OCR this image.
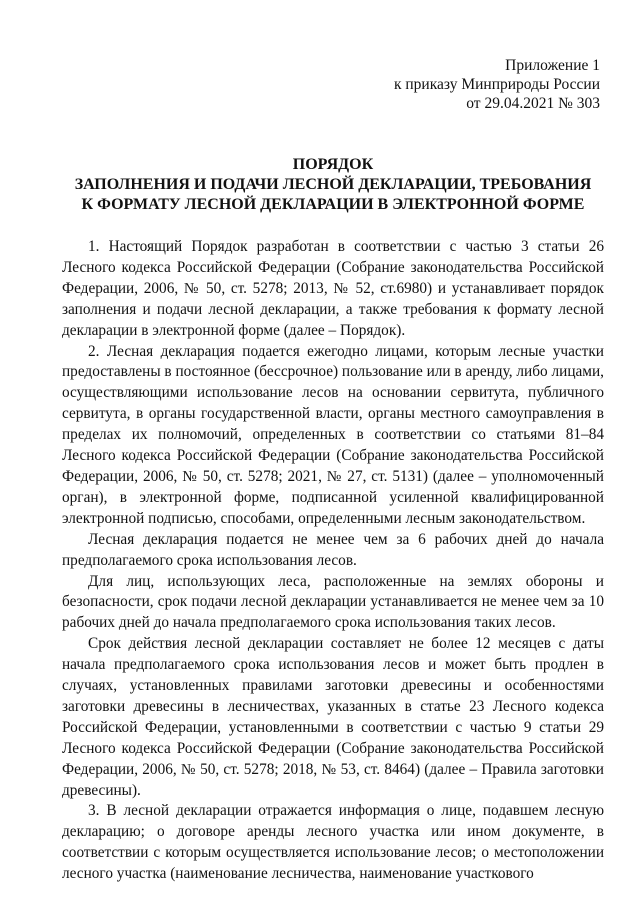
Приложение 1
к приказу Минприроды России
от 29.04.2021 № 303
ПОРЯДОК
ЗАПОЛНЕНИЯ И ПОДАЧИ ЛЕСНОЙ ДЕКЛАРАЦИИ, ТРЕБОВАНИЯ
К ФОРМАТУ ЛЕСНОЙ ДЕКЛАРАЦИИ В ЭЛЕКТРОННОЙ ФОРМЕ

1. Настоящий Порядок разработан в соответствии с частью 3 статьи 26 Лесного кодекса Российской Федерации (Собрание законодательства Российской Федерации, 2006, № 50, ст. 5278; 2013, № 52, ст.6980) и устанавливает порядок заполнения и подачи лесной декларации, а также требования к формату лесной декларации в электронной форме (далее – Порядок).

2. Лесная декларация подается ежегодно лицами, которым лесные участки предоставлены в постоянное (бессрочное) пользование или в аренду, либо лицами, осуществляющими использование лесов на основании сервитута, публичного сервитута, в органы государственной власти, органы местного самоуправления в пределах их полномочий, определенных в соответствии со статьями 81–84 Лесного кодекса Российской Федерации (Собрание законодательства Российской Федерации, 2006, № 50, ст. 5278; 2021, № 27, ст. 5131) (далее – уполномоченный орган), в электронной форме, подписанной усиленной квалифицированной электронной подписью, способами, определенными лесным законодательством.

Лесная декларация подается не менее чем за 6 рабочих дней до начала предполагаемого срока использования лесов.

Для лиц, использующих леса, расположенные на землях обороны и безопасности, срок подачи лесной декларации устанавливается не менее чем за 10 рабочих дней до начала предполагаемого срока использования таких лесов.

Срок действия лесной декларации составляет не более 12 месяцев с даты начала предполагаемого срока использования лесов и может быть продлен в случаях, установленных правилами заготовки древесины и особенностями заготовки древесины в лесничествах, указанных в статье 23 Лесного кодекса Российской Федерации, установленными в соответствии с частью 9 статьи 29 Лесного кодекса Российской Федерации (Собрание законодательства Российской Федерации, 2006, № 50, ст. 5278; 2018, № 53, ст. 8464) (далее – Правила заготовки древесины).

3. В лесной декларации отражается информация о лице, подавшем лесную декларацию; о договоре аренды лесного участка или ином документе, в соответствии с которым осуществляется использование лесов; о местоположении лесного участка (наименование лесничества, наименование участкового
